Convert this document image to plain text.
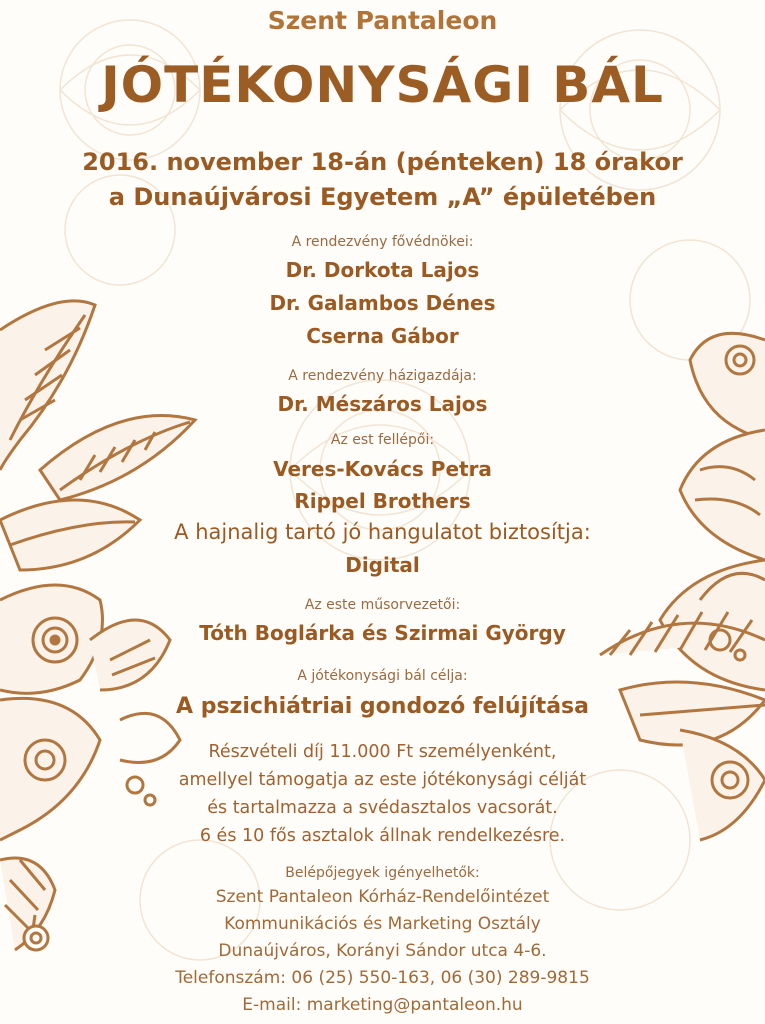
Szent Pantaleon
JÓTÉKONYSÁGI BÁL
2016. november 18-án (pénteken) 18 órakor
a Dunaújvárosi Egyetem „A” épületében
A rendezvény fővédnökei:
Dr. Dorkota Lajos
Dr. Galambos Dénes
Cserna Gábor
A rendezvény házigazdája:
Dr. Mészáros Lajos
Az est fellépői:
Veres-Kovács Petra
Rippel Brothers
A hajnalig tartó jó hangulatot biztosítja:
Digital
Az este műsorvezetői:
Tóth Boglárka és Szirmai György
A jótékonysági bál célja:
A pszichiátriai gondozó felújítása
Részvételi díj 11.000 Ft személyenként,
amellyel támogatja az este jótékonysági célját
és tartalmazza a svédasztalos vacsorát.
6 és 10 fős asztalok állnak rendelkezésre.
Belépőjegyek igényelhetők:
Szent Pantaleon Kórház-Rendelőintézet
Kommunikációs és Marketing Osztály
Dunaújváros, Korányi Sándor utca 4-6.
Telefonszám: 06 (25) 550-163, 06 (30) 289-9815
E-mail: marketing@pantaleon.hu
